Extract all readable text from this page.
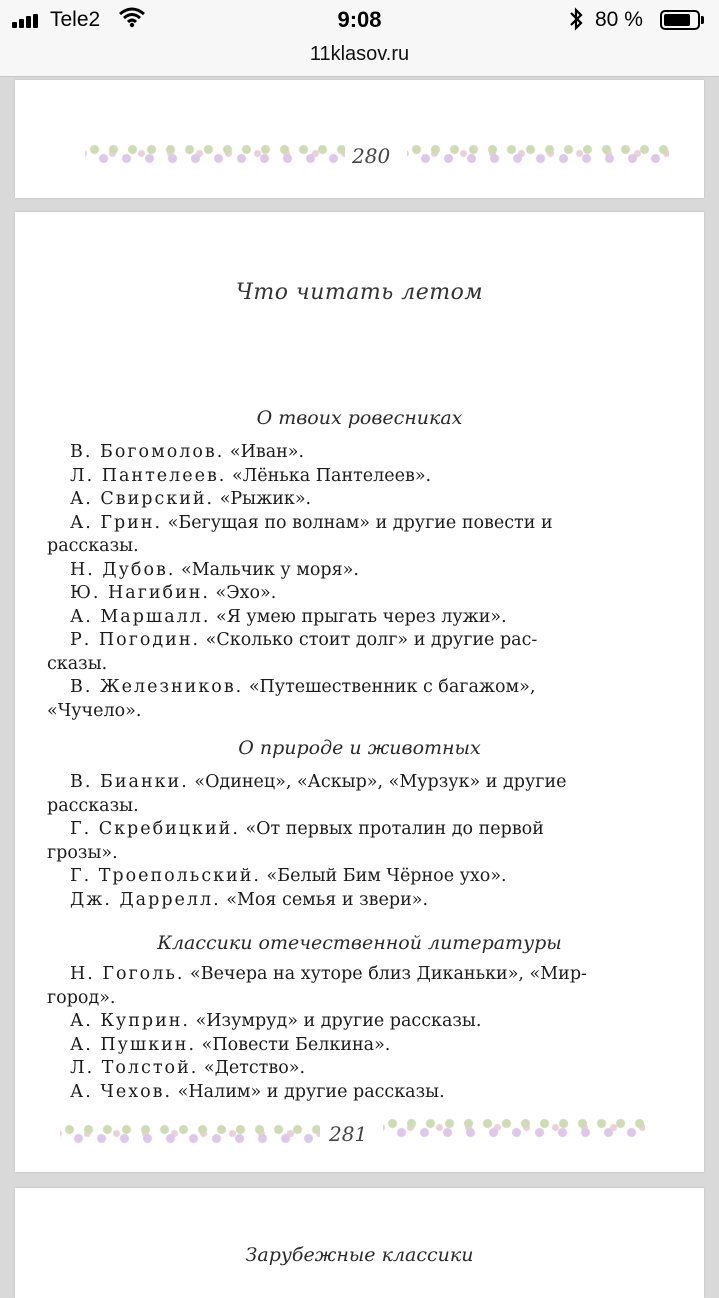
Tele2	9:08	80 %
11klasov.ru
280
Что читать летом
О твоих ровесниках
В. Богомолов. «Иван».
Л. Пантелеев. «Лёнька Пантелеев».
А. Свирский. «Рыжик».
А. Грин. «Бегущая по волнам» и другие повести и
рассказы.
Н. Дубов. «Мальчик у моря».
Ю. Нагибин. «Эхо».
А. Маршалл. «Я умею прыгать через лужи».
Р. Погодин. «Сколько стоит долг» и другие рас-
сказы.
В. Железников. «Путешественник с багажом»,
«Чучело».
О природе и животных
В. Бианки. «Одинец», «Аскыр», «Мурзук» и другие
рассказы.
Г. Скребицкий. «От первых проталин до первой
грозы».
Г. Троепольский. «Белый Бим Чёрное ухо».
Дж. Даррелл. «Моя семья и звери».
Классики отечественной литературы
Н. Гоголь. «Вечера на хуторе близ Диканьки», «Мир-
город».
А. Куприн. «Изумруд» и другие рассказы.
А. Пушкин. «Повести Белкина».
Л. Толстой. «Детство».
А. Чехов. «Налим» и другие рассказы.
281
Зарубежные классики
